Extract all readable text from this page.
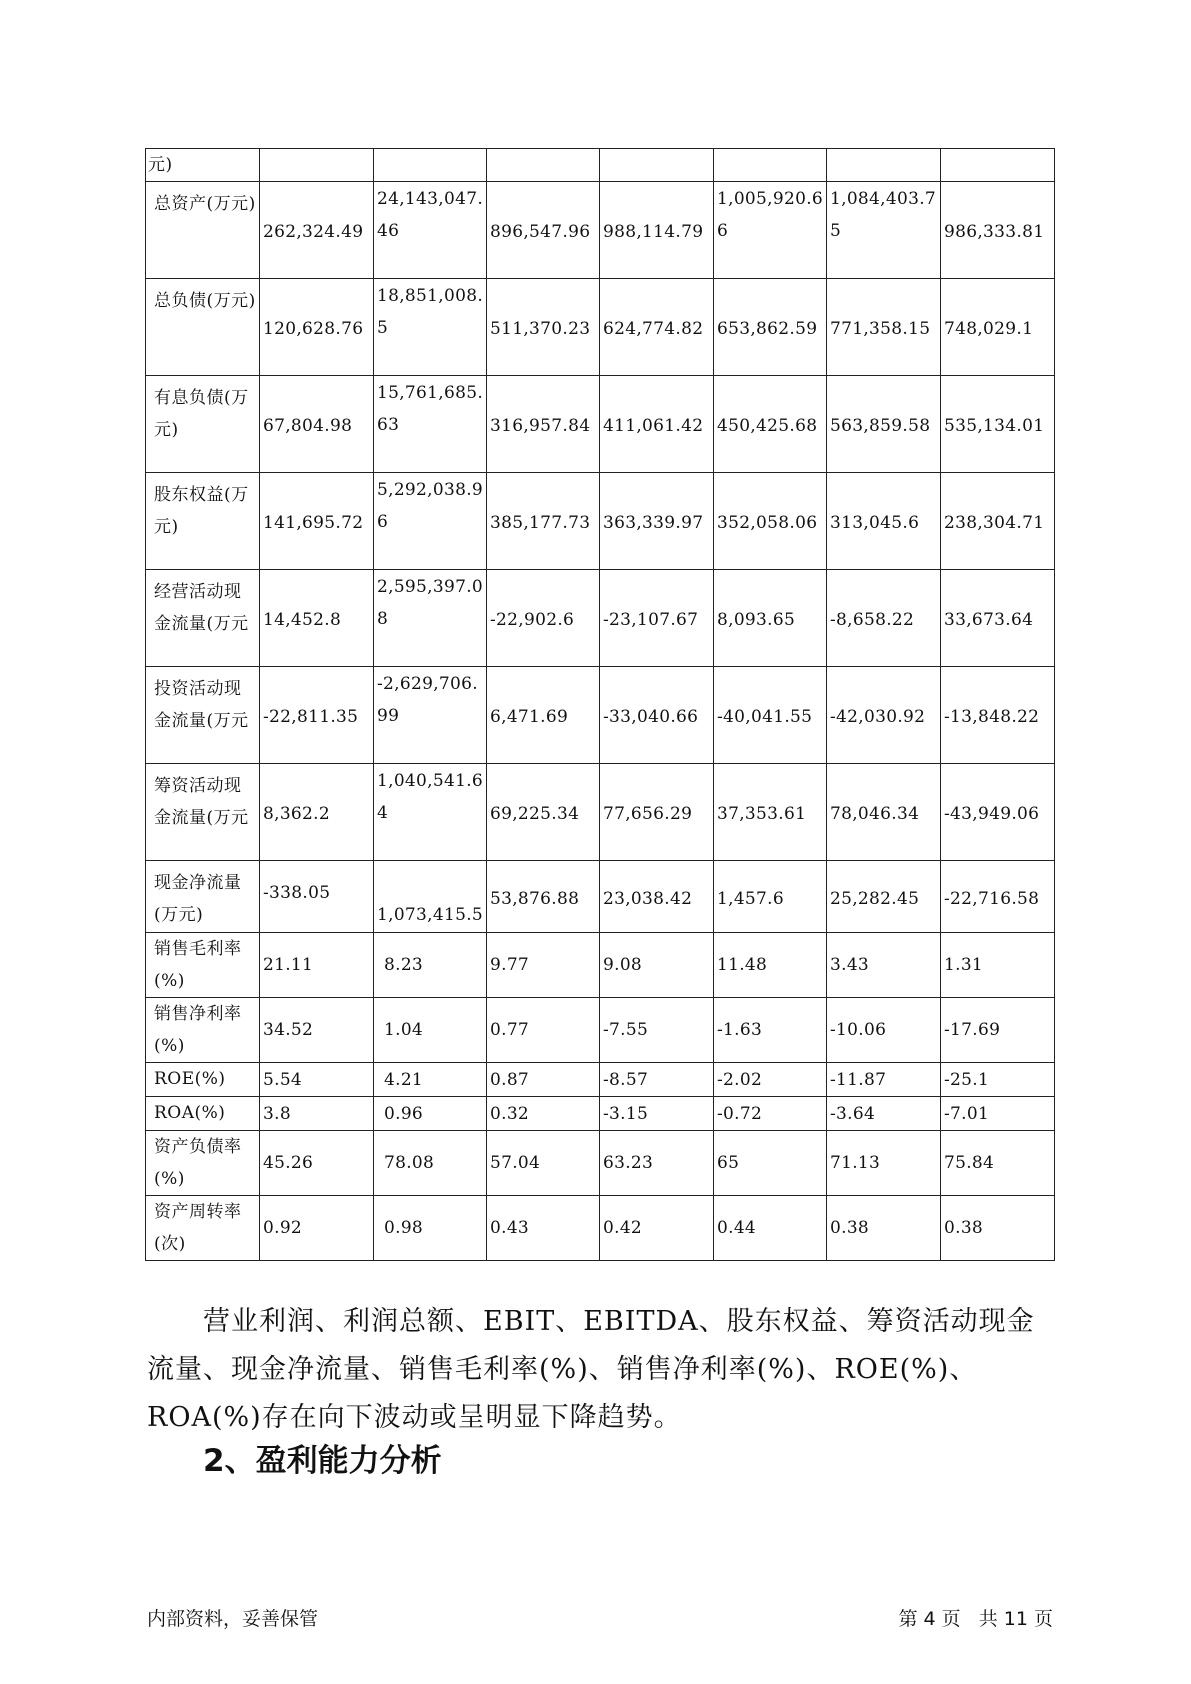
元)							
总资产(万元)	262,324.49	24,143,047.46	896,547.96	988,114.79	1,005,920.66	1,084,403.75	986,333.81
总负债(万元)	120,628.76	18,851,008.5	511,370.23	624,774.82	653,862.59	771,358.15	748,029.1
有息负债(万元)	67,804.98	15,761,685.63	316,957.84	411,061.42	450,425.68	563,859.58	535,134.01
股东权益(万元)	141,695.72	5,292,038.96	385,177.73	363,339.97	352,058.06	313,045.6	238,304.71
经营活动现金流量(万元	14,452.8	2,595,397.08	-22,902.6	-23,107.67	8,093.65	-8,658.22	33,673.64
投资活动现金流量(万元	-22,811.35	-2,629,706.99	6,471.69	-33,040.66	-40,041.55	-42,030.92	-13,848.22
筹资活动现金流量(万元	8,362.2	1,040,541.64	69,225.34	77,656.29	37,353.61	78,046.34	-43,949.06
现金净流量(万元)	-338.05	1,073,415.5	53,876.88	23,038.42	1,457.6	25,282.45	-22,716.58
销售毛利率(%)	21.11	8.23	9.77	9.08	11.48	3.43	1.31
销售净利率(%)	34.52	1.04	0.77	-7.55	-1.63	-10.06	-17.69
ROE(%)	5.54	4.21	0.87	-8.57	-2.02	-11.87	-25.1
ROA(%)	3.8	0.96	0.32	-3.15	-0.72	-3.64	-7.01
资产负债率(%)	45.26	78.08	57.04	63.23	65	71.13	75.84
资产周转率(次)	0.92	0.98	0.43	0.42	0.44	0.38	0.38
营业利润、利润总额、EBIT、EBITDA、股东权益、筹资活动现金流量、现金净流量、销售毛利率(%)、销售净利率(%)、ROE(%)、ROA(%)存在向下波动或呈明显下降趋势。
2、盈利能力分析
内部资料，妥善保管	第 4 页   共 11 页
